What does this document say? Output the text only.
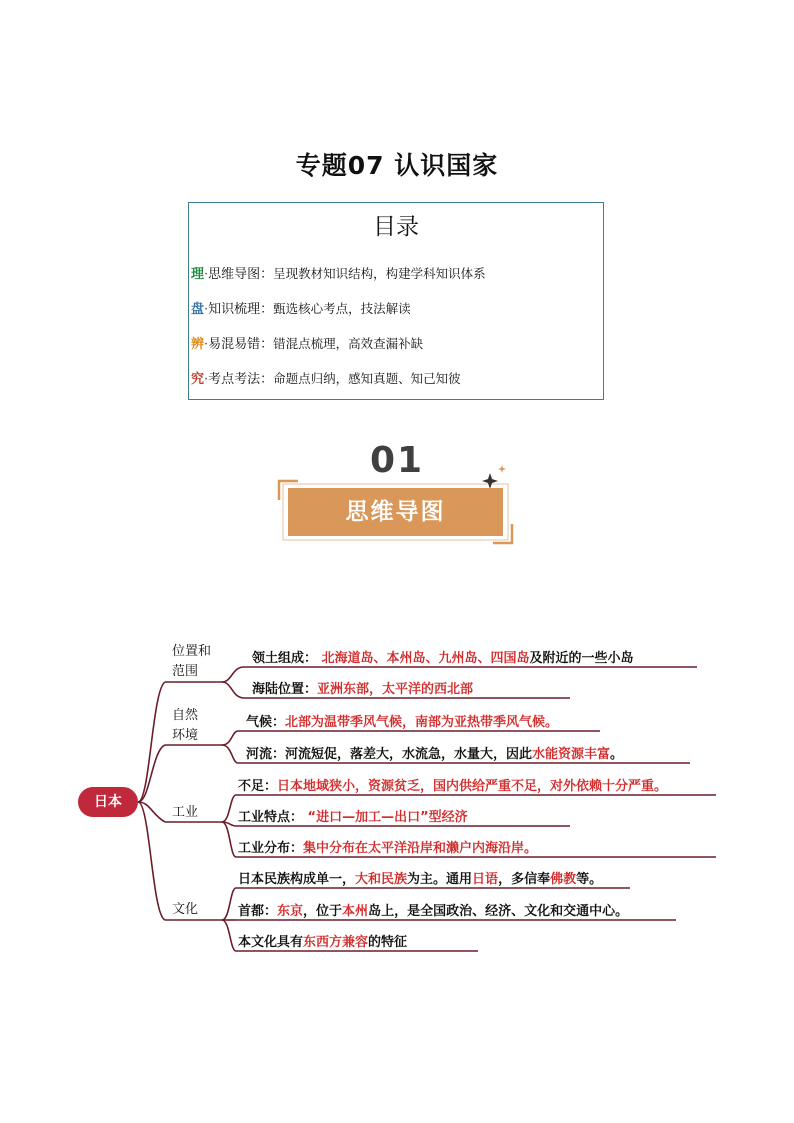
专题07 认识国家
目录
理·思维导图：呈现教材知识结构，构建学科知识体系
盘·知识梳理：甄选核心考点，技法解读
辨·易混易错：错混点梳理，高效查漏补缺
究·考点考法：命题点归纳，感知真题、知己知彼
01
思维导图
日本
位置和
范围
自然
环境
工业
文化
领土组成： 北海道岛、本州岛、九州岛、四国岛及附近的一些小岛
海陆位置：亚洲东部，太平洋的西北部
气候：北部为温带季风气候，南部为亚热带季风气候。
河流：河流短促，落差大，水流急，水量大，因此水能资源丰富。
不足：日本地域狭小，资源贫乏，国内供给严重不足，对外依赖十分严重。
工业特点： “进口—加工—出口”型经济
工业分布：集中分布在太平洋沿岸和濑户内海沿岸。
日本民族构成单一，大和民族为主。通用日语，多信奉佛教等。
首都：东京，位于本州岛上，是全国政治、经济、文化和交通中心。
本文化具有东西方兼容的特征
